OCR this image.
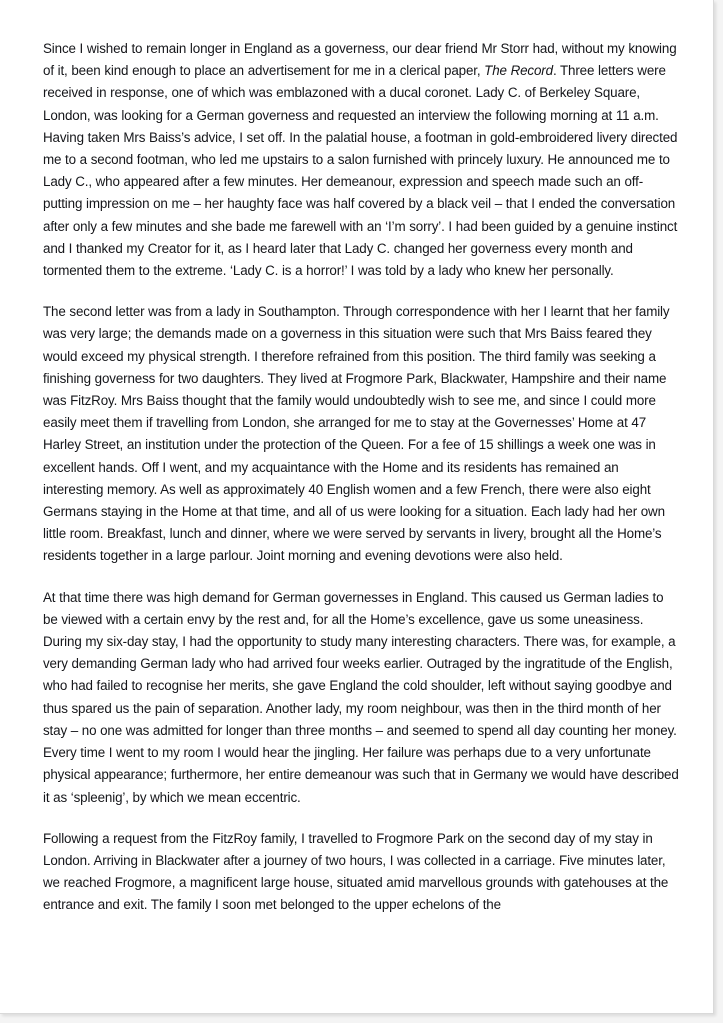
Since I wished to remain longer in England as a governess, our dear friend Mr Storr had, without my knowing of it, been kind enough to place an advertisement for me in a clerical paper, The Record. Three letters were received in response, one of which was emblazoned with a ducal coronet. Lady C. of Berkeley Square, London, was looking for a German governess and requested an interview the following morning at 11 a.m. Having taken Mrs Baiss’s advice, I set off. In the palatial house, a footman in gold-embroidered livery directed me to a second footman, who led me upstairs to a salon furnished with princely luxury. He announced me to Lady C., who appeared after a few minutes. Her demeanour, expression and speech made such an off-putting impression on me – her haughty face was half covered by a black veil – that I ended the conversation after only a few minutes and she bade me farewell with an ‘I’m sorry’. I had been guided by a genuine instinct and I thanked my Creator for it, as I heard later that Lady C. changed her governess every month and tormented them to the extreme. ‘Lady C. is a horror!’ I was told by a lady who knew her personally.

The second letter was from a lady in Southampton. Through correspondence with her I learnt that her family was very large; the demands made on a governess in this situation were such that Mrs Baiss feared they would exceed my physical strength. I therefore refrained from this position. The third family was seeking a finishing governess for two daughters. They lived at Frogmore Park, Blackwater, Hampshire and their name was FitzRoy. Mrs Baiss thought that the family would undoubtedly wish to see me, and since I could more easily meet them if travelling from London, she arranged for me to stay at the Governesses’ Home at 47 Harley Street, an institution under the protection of the Queen. For a fee of 15 shillings a week one was in excellent hands. Off I went, and my acquaintance with the Home and its residents has remained an interesting memory. As well as approximately 40 English women and a few French, there were also eight Germans staying in the Home at that time, and all of us were looking for a situation. Each lady had her own little room. Breakfast, lunch and dinner, where we were served by servants in livery, brought all the Home’s residents together in a large parlour. Joint morning and evening devotions were also held.

At that time there was high demand for German governesses in England. This caused us German ladies to be viewed with a certain envy by the rest and, for all the Home’s excellence, gave us some uneasiness. During my six-day stay, I had the opportunity to study many interesting characters. There was, for example, a very demanding German lady who had arrived four weeks earlier. Outraged by the ingratitude of the English, who had failed to recognise her merits, she gave England the cold shoulder, left without saying goodbye and thus spared us the pain of separation. Another lady, my room neighbour, was then in the third month of her stay – no one was admitted for longer than three months – and seemed to spend all day counting her money. Every time I went to my room I would hear the jingling. Her failure was perhaps due to a very unfortunate physical appearance; furthermore, her entire demeanour was such that in Germany we would have described it as ‘spleenig’, by which we mean eccentric.

Following a request from the FitzRoy family, I travelled to Frogmore Park on the second day of my stay in London. Arriving in Blackwater after a journey of two hours, I was collected in a carriage. Five minutes later, we reached Frogmore, a magnificent large house, situated amid marvellous grounds with gatehouses at the entrance and exit. The family I soon met belonged to the upper echelons of the
